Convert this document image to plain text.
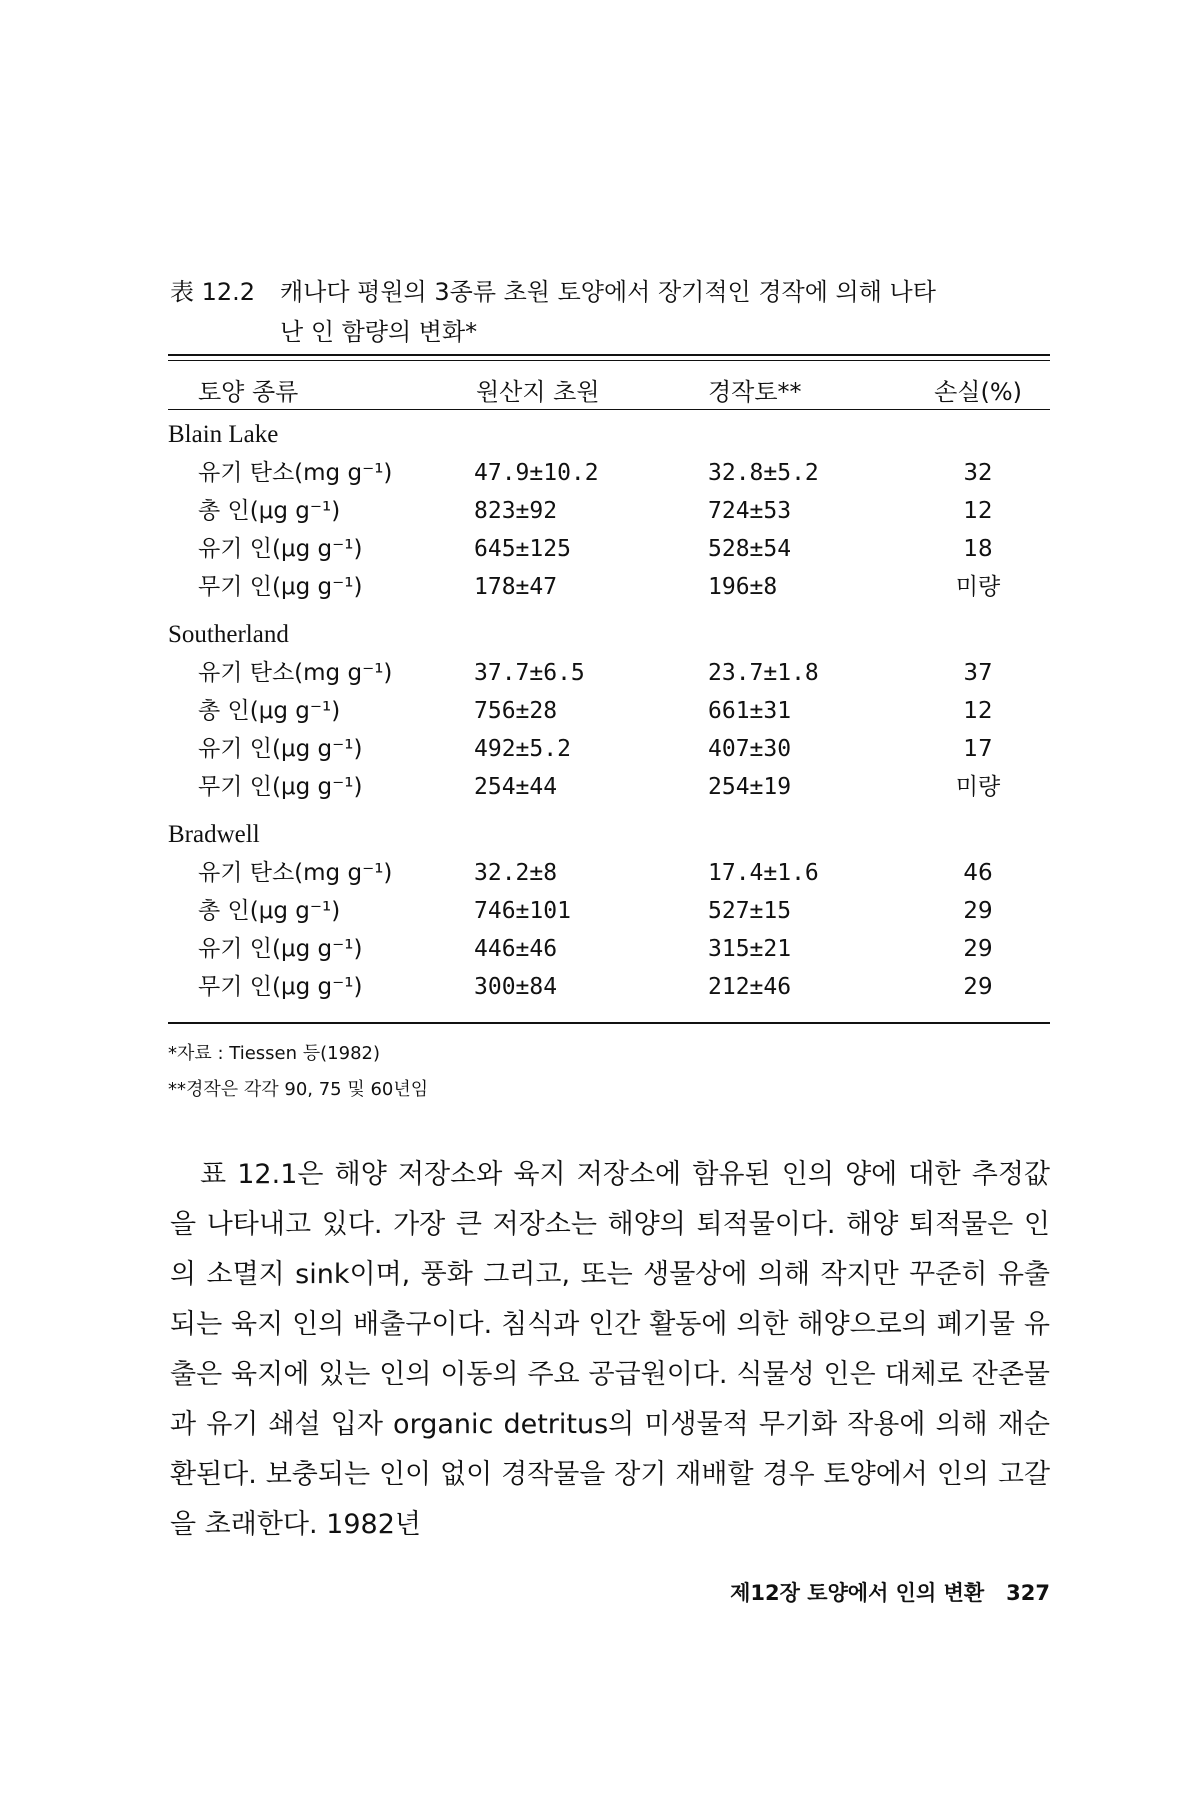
表 12.2	캐나다 평원의 3종류 초원 토양에서 장기적인 경작에 의해 나타
난 인 함량의 변화*
토양 종류	원산지 초원	경작토**	손실(%)
Blain Lake
유기 탄소(mg g⁻¹)	47.9±10.2	32.8±5.2	32
총 인(μg g⁻¹)	823±92	724±53	12
유기 인(μg g⁻¹)	645±125	528±54	18
무기 인(μg g⁻¹)	178±47	196±8	미량
Southerland
유기 탄소(mg g⁻¹)	37.7±6.5	23.7±1.8	37
총 인(μg g⁻¹)	756±28	661±31	12
유기 인(μg g⁻¹)	492±5.2	407±30	17
무기 인(μg g⁻¹)	254±44	254±19	미량
Bradwell
유기 탄소(mg g⁻¹)	32.2±8	17.4±1.6	46
총 인(μg g⁻¹)	746±101	527±15	29
유기 인(μg g⁻¹)	446±46	315±21	29
무기 인(μg g⁻¹)	300±84	212±46	29
*자료 : Tiessen 등(1982)
**경작은 각각 90, 75 및 60년임
표 12.1은 해양 저장소와 육지 저장소에 함유된 인의 양에 대한 추정값을 나타내고 있다. 가장 큰 저장소는 해양의 퇴적물이다. 해양 퇴적물은 인의 소멸지 sink이며, 풍화 그리고, 또는 생물상에 의해 작지만 꾸준히 유출되는 육지 인의 배출구이다. 침식과 인간 활동에 의한 해양으로의 폐기물 유출은 육지에 있는 인의 이동의 주요 공급원이다. 식물성 인은 대체로 잔존물과 유기 쇄설 입자 organic detritus의 미생물적 무기화 작용에 의해 재순환된다. 보충되는 인이 없이 경작물을 장기 재배할 경우 토양에서 인의 고갈을 초래한다. 1982년
제12장 토양에서 인의 변환 327
